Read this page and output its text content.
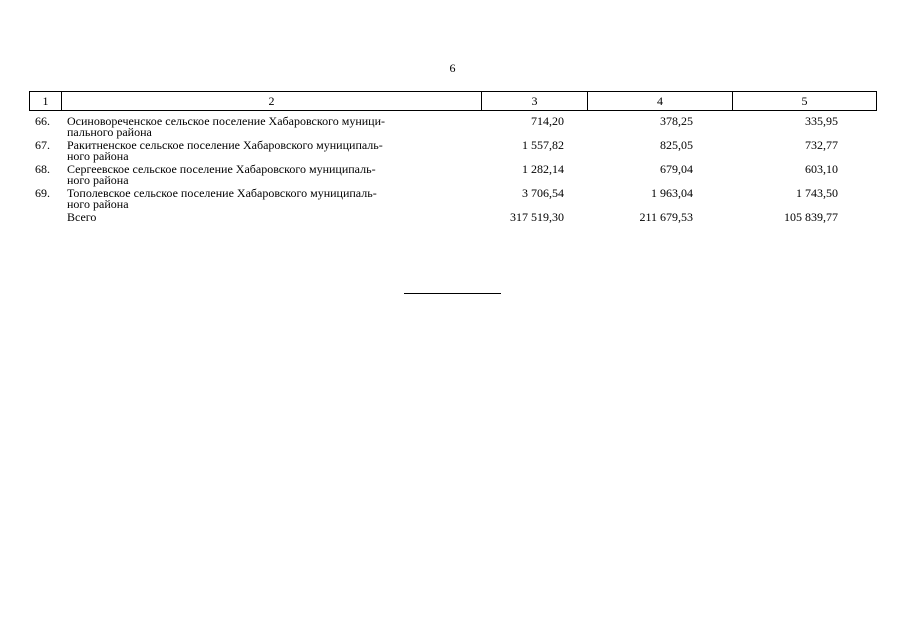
6
1	2	3	4	5
66. Осиновореченское сельское поселение Хабаровского муници-
пального района
714,20	378,25	335,95
67. Ракитненское сельское поселение Хабаровского муниципаль-
ного района
1 557,82	825,05	732,77
68. Сергеевское сельское поселение Хабаровского муниципаль-
ного района
1 282,14	679,04	603,10
69. Тополевское сельское поселение Хабаровского муниципаль-
ного района
3 706,54	1 963,04	1 743,50
Всего	317 519,30	211 679,53	105 839,77
